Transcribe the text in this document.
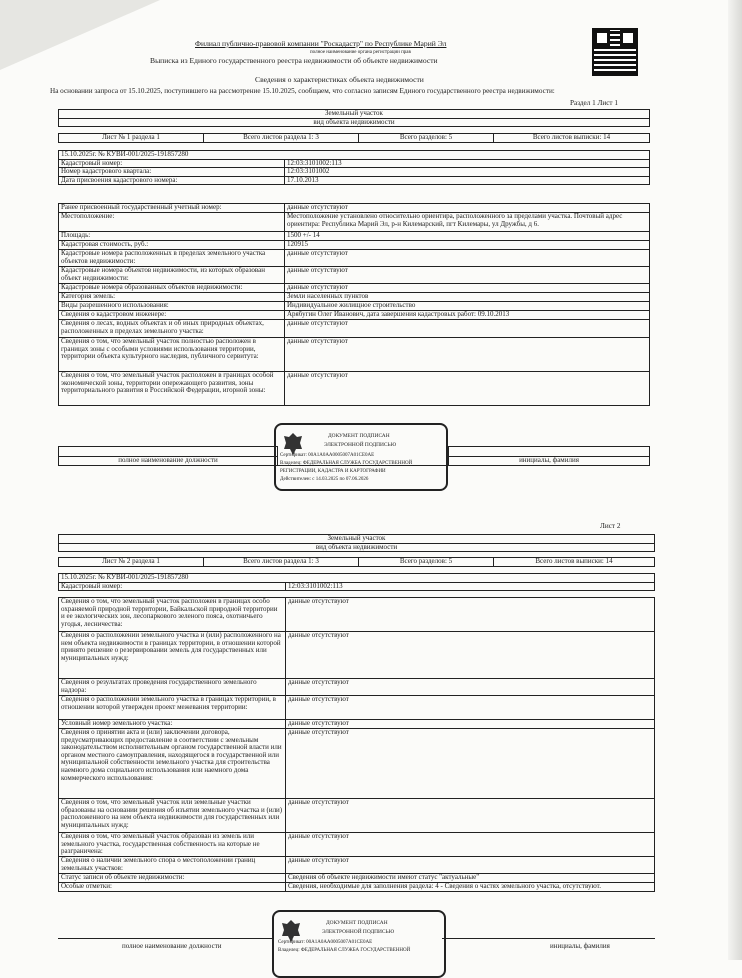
Филиал публично-правовой компании "Роскадастр" по Республике Марий Эл
полное наименование органа регистрации прав
Выписка из Единого государственного реестра недвижимости об объекте недвижимости
Сведения о характеристиках объекта недвижимости
На основании запроса от 15.10.2025, поступившего на рассмотрение 15.10.2025, сообщаем, что согласно записям Единого государственного реестра недвижимости:
Раздел 1 Лист 1
Земельный участок
вид объекта недвижимости
Лист № 1 раздела 1	Всего листов раздела 1: 3	Всего разделов: 5	Всего листов выписки: 14
15.10.2025г. № КУВИ-001/2025-191857280	
Кадастровый номер:	12:03:3101002:113
Номер кадастрового квартала:	12:03:3101002
Дата присвоения кадастрового номера:	17.10.2013
Ранее присвоенный государственный учетный номер:	данные отсутствуют
Местоположение:	Местоположение установлено относительно ориентира, расположенного за пределами участка. Почтовый адрес ориентира: Республика Марий Эл, р-н Килемарский, пгт Килемары, ул Дружбы, д 6.
Площадь:	1500 +/- 14
Кадастровая стоимость, руб.:	120915
Кадастровые номера расположенных в пределах земельного участка объектов недвижимости:	данные отсутствуют
Кадастровые номера объектов недвижимости, из которых образован объект недвижимости:	данные отсутствуют
Кадастровые номера образованных объектов недвижимости:	данные отсутствуют
Категория земель:	Земли населенных пунктов
Виды разрешенного использования:	Индивидуальное жилищное строительство
Сведения о кадастровом инженере:	Арябугин Олег Иванович, дата завершения кадастровых работ: 09.10.2013
Сведения о лесах, водных объектах и об иных природных объектах, расположенных в пределах земельного участка:	данные отсутствуют
Сведения о том, что земельный участок полностью расположен в границах зоны с особыми условиями использования территории, территории объекта культурного наследия, публичного сервитута:	данные отсутствуют
Сведения о том, что земельный участок расположен в границах особой экономической зоны, территории опережающего развития, зоны территориального развития в Российской Федерации, игорной зоны:	данные отсутствуют
ДОКУМЕНТ ПОДПИСАН
ЭЛЕКТРОННОЙ ПОДПИСЬЮ
Сертификат: 00A1A0AA0005007A01CE0AE
Владелец: ФЕДЕРАЛЬНАЯ СЛУЖБА ГОСУДАРСТВЕННОЙ
РЕГИСТРАЦИИ, КАДАСТРА И КАРТОГРАФИИ
Действителен: с 14.03.2025 по 07.06.2026

полное наименование должности		инициалы, фамилия
Лист 2
Земельный участок
вид объекта недвижимости
Лист № 2 раздела 1	Всего листов раздела 1: 3	Всего разделов: 5	Всего листов выписки: 14
15.10.2025г. № КУВИ-001/2025-191857280
Кадастровый номер:	12:03:3101002:113
Сведения о том, что земельный участок расположен в границах особо охраняемой природной территории, Байкальской природной территории и ее экологических зон, лесопаркового зеленого пояса, охотничьего угодья, лесничества:	данные отсутствуют
Сведения о расположении земельного участка и (или) расположенного на нем объекта недвижимости в границах территории, в отношении которой принято решение о резервировании земель для государственных или муниципальных нужд:	данные отсутствуют
Сведения о результатах проведения государственного земельного надзора:	данные отсутствуют
Сведения о расположении земельного участка в границах территории, в отношении которой утвержден проект межевания территории:	данные отсутствуют
Условный номер земельного участка:	данные отсутствуют
Сведения о принятии акта и (или) заключении договора, предусматривающих предоставление в соответствии с земельным законодательством исполнительным органом государственной власти или органом местного самоуправления, находящегося в государственной или муниципальной собственности земельного участка для строительства наемного дома социального использования или наемного дома коммерческого использования:	данные отсутствуют
Сведения о том, что земельный участок или земельные участки образованы на основании решения об изъятии земельного участка и (или) расположенного на нем объекта недвижимости для государственных или муниципальных нужд:	данные отсутствуют
Сведения о том, что земельный участок образован из земель или земельного участка, государственная собственность на которые не разграничена:	данные отсутствуют
Сведения о наличии земельного спора о местоположении границ земельных участков:	данные отсутствуют
Статус записи об объекте недвижимости:	Сведения об объекте недвижимости имеют статус "актуальные"
Особые отметки:	Сведения, необходимые для заполнения раздела: 4 - Сведения о частях земельного участка, отсутствуют.
ДОКУМЕНТ ПОДПИСАН
ЭЛЕКТРОННОЙ ПОДПИСЬЮ
Сертификат: 00A1A0AA0005007A01CE0AE
Владелец: ФЕДЕРАЛЬНАЯ СЛУЖБА ГОСУДАРСТВЕННОЙ
полное наименование должности	инициалы, фамилия
